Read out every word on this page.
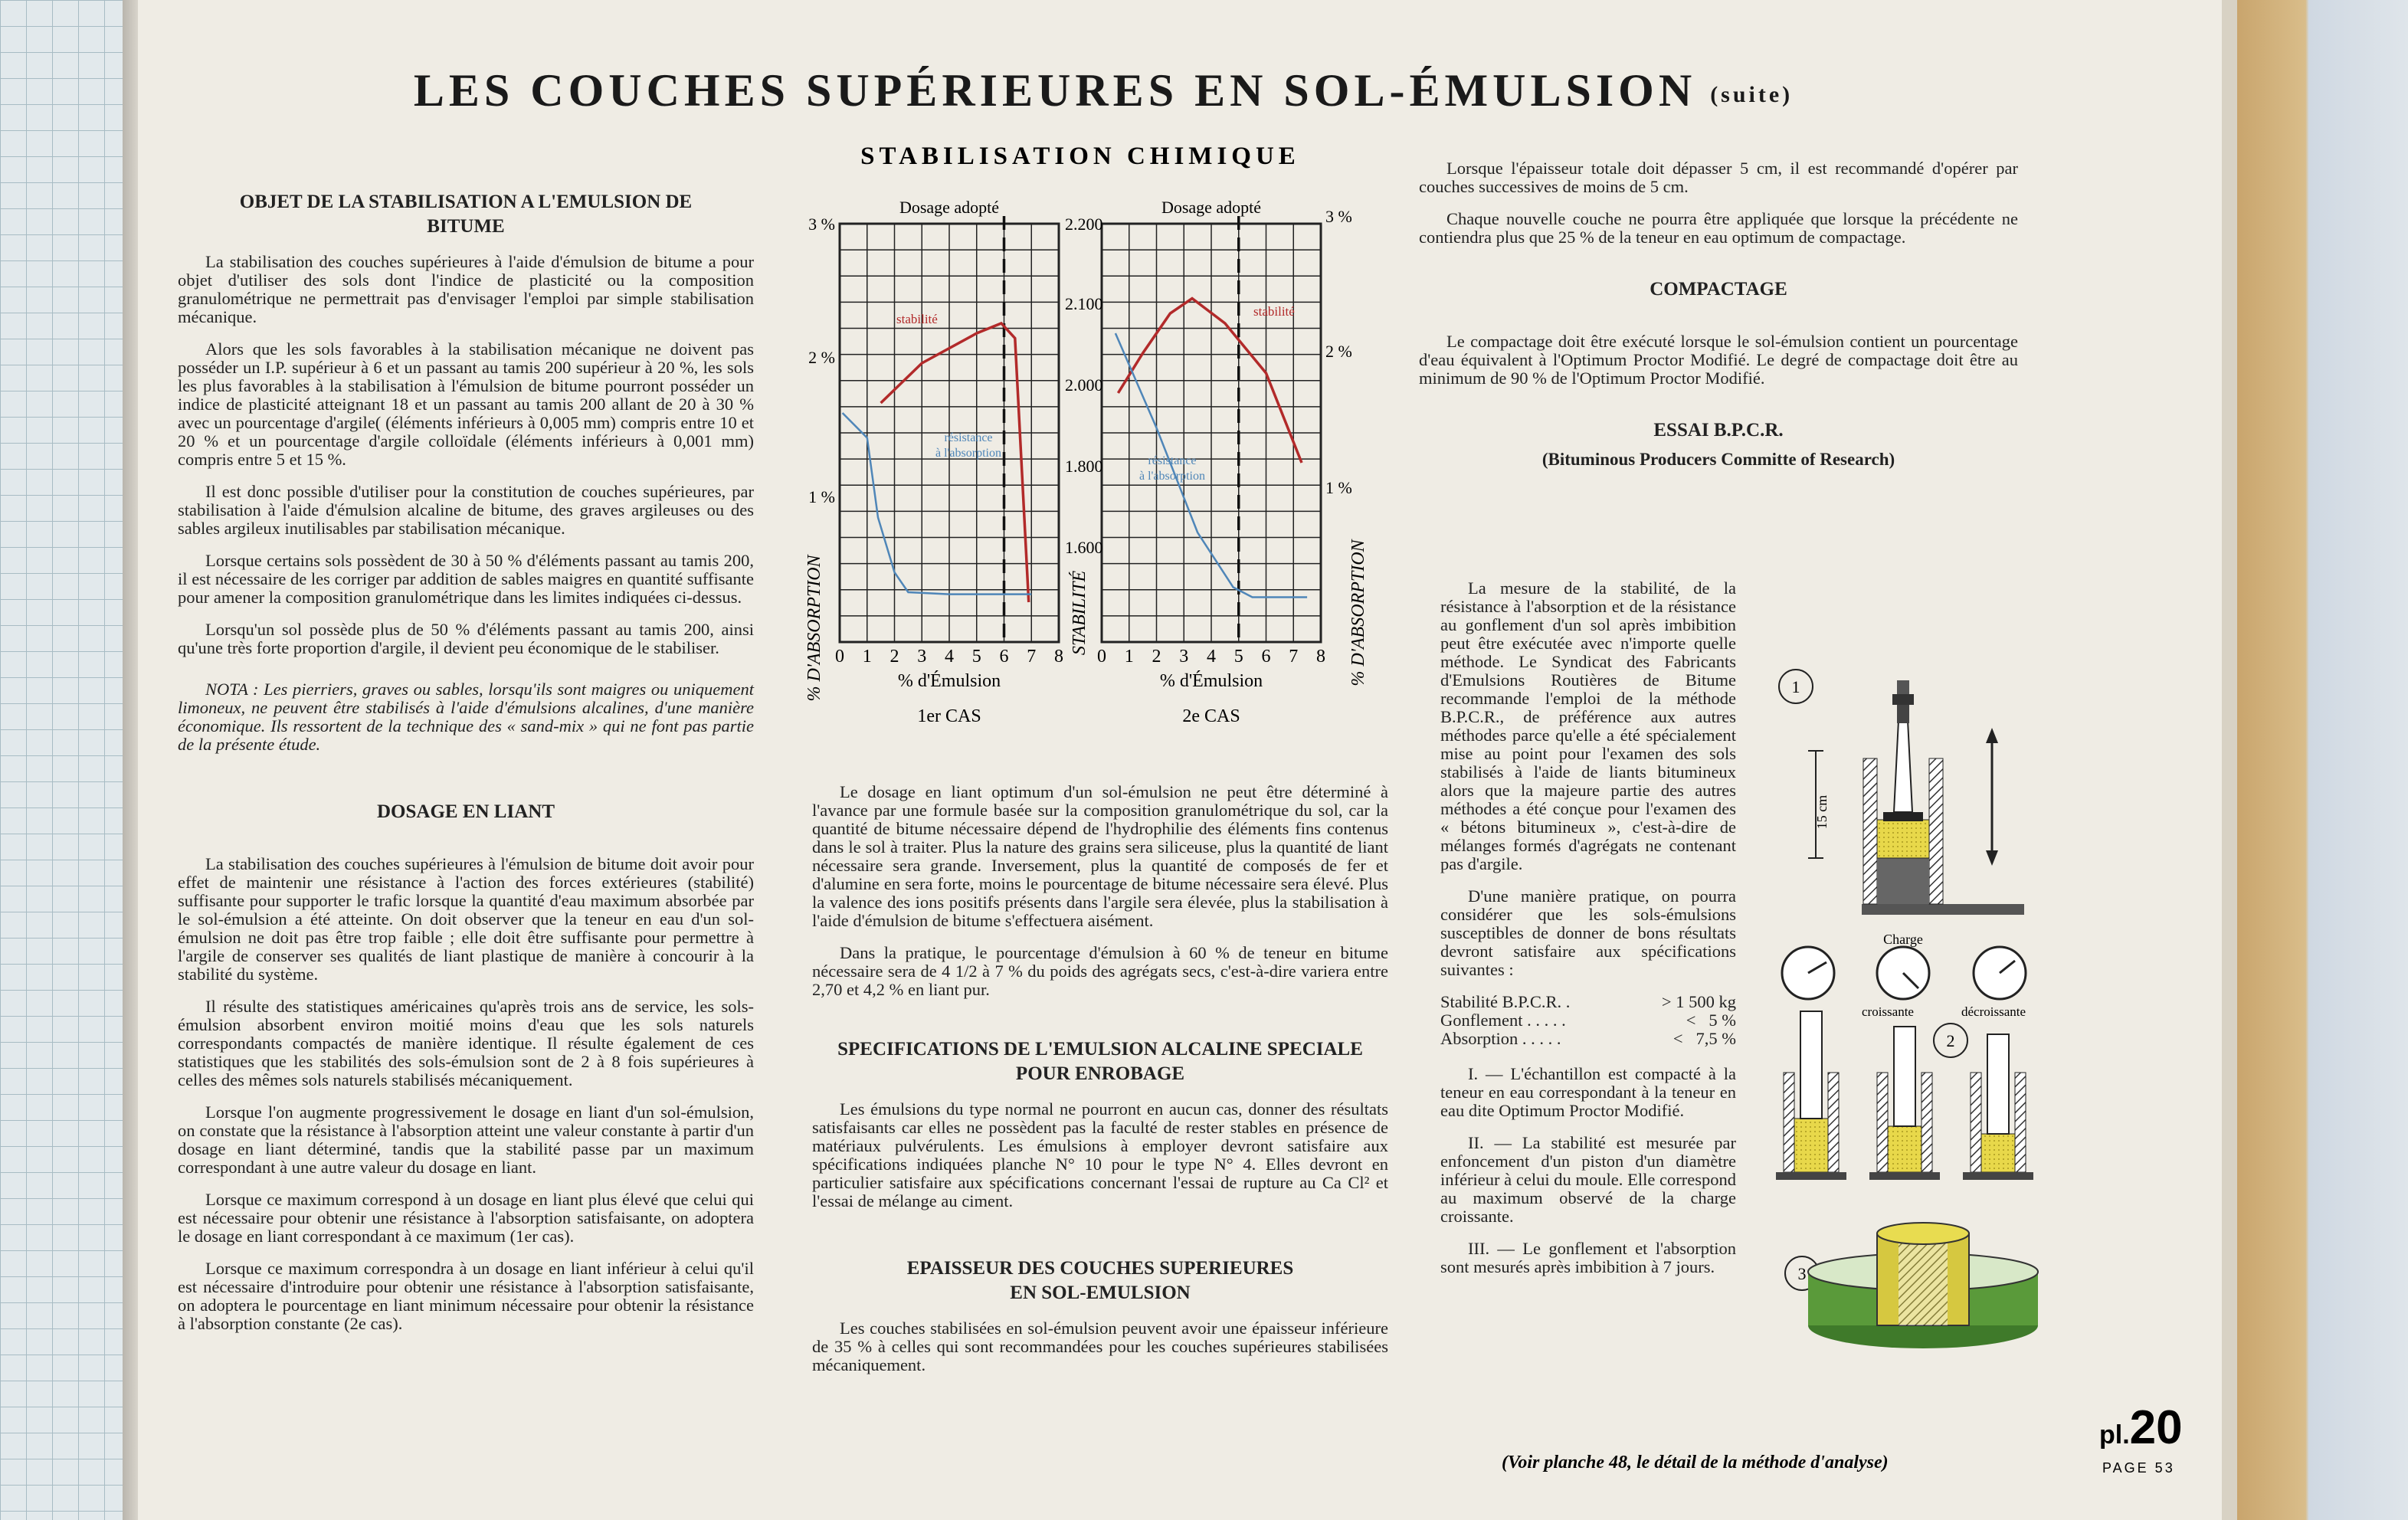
LES COUCHES SUPÉRIEURES EN SOL-ÉMULSION (suite)
STABILISATION CHIMIQUE

OBJET DE LA STABILISATION A L'EMULSION DE BITUME

La stabilisation des couches supérieures à l'aide d'émulsion de bitume a pour objet d'utiliser des sols dont l'indice de plasticité ou la composition granulométrique ne permettrait pas d'envisager l'emploi par simple stabilisation mécanique.

Alors que les sols favorables à la stabilisation mécanique ne doivent pas posséder un I.P. supérieur à 6 et un passant au tamis 200 supérieur à 20 %, les sols les plus favorables à la stabilisation à l'émulsion de bitume pourront posséder un indice de plasticité atteignant 18 et un passant au tamis 200 allant de 20 à 30 % avec un pourcentage d'argile( (éléments inférieurs à 0,005 mm) compris entre 10 et 20 % et un pourcentage d'argile colloïdale (éléments inférieurs à 0,001 mm) compris entre 5 et 15 %.

Il est donc possible d'utiliser pour la constitution de couches supérieures, par stabilisation à l'aide d'émulsion alcaline de bitume, des graves argileuses ou des sables argileux inutilisables par stabilisation mécanique.

Lorsque certains sols possèdent de 30 à 50 % d'éléments passant au tamis 200, il est nécessaire de les corriger par addition de sables maigres en quantité suffisante pour amener la composition granulométrique dans les limites indiquées ci-dessus.

Lorsqu'un sol possède plus de 50 % d'éléments passant au tamis 200, ainsi qu'une très forte proportion d'argile, il devient peu économique de le stabiliser.

NOTA : Les pierriers, graves ou sables, lorsqu'ils sont maigres ou uniquement limoneux, ne peuvent être stabilisés à l'aide d'émulsions alcalines, d'une manière économique. Ils ressortent de la technique des « sand-mix » qui ne font pas partie de la présente étude.

DOSAGE EN LIANT

La stabilisation des couches supérieures à l'émulsion de bitume doit avoir pour effet de maintenir une résistance à l'action des forces extérieures (stabilité) suffisante pour supporter le trafic lorsque la quantité d'eau maximum absorbée par le sol-émulsion a été atteinte. On doit observer que la teneur en eau d'un sol-émulsion ne doit pas être trop faible ; elle doit être suffisante pour permettre à l'argile de conserver ses qualités de liant plastique de manière à concourir à la stabilité du système.

Il résulte des statistiques américaines qu'après trois ans de service, les sols-émulsion absorbent environ moitié moins d'eau que les sols naturels correspondants compactés de manière identique. Il résulte également de ces statistiques que les stabilités des sols-émulsion sont de 2 à 8 fois supérieures à celles des mêmes sols naturels stabilisés mécaniquement.

Lorsque l'on augmente progressivement le dosage en liant d'un sol-émulsion, on constate que la résistance à l'absorption atteint une valeur constante à partir d'un dosage en liant déterminé, tandis que la stabilité passe par un maximum correspondant à une autre valeur du dosage en liant.

Lorsque ce maximum correspond à un dosage en liant plus élevé que celui qui est nécessaire pour obtenir une résistance à l'absorption satisfaisante, on adoptera le dosage en liant correspondant à ce maximum (1er cas).

Lorsque ce maximum correspondra à un dosage en liant inférieur à celui qu'il est nécessaire d'introduire pour obtenir une résistance à l'absorption satisfaisante, on adoptera le pourcentage en liant minimum nécessaire pour obtenir la résistance à l'absorption constante (2e cas).

Dosage adopté
0 1 2 3 4 5 6 7 8
% d'Émulsion
1er CAS
Dosage adopté
0 1 2 3 4 5 6 7 8
% d'Émulsion
2e CAS
stabilité
résistance
à l'absorption
stabilité
résistance
à l'absorption
3 %
2 %
1 %
2.200
2.100
2.000
1.800
1.600
3 %
2 %
1 %
% D'ABSORPTION	STABILITÉ	% D'ABSORPTION

Le dosage en liant optimum d'un sol-émulsion ne peut être déterminé à l'avance par une formule basée sur la composition granulométrique du sol, car la quantité de bitume nécessaire dépend de l'hydrophilie des éléments fins contenus dans le sol à traiter. Plus la nature des grains sera siliceuse, plus la quantité de liant nécessaire sera grande. Inversement, plus la quantité de composés de fer et d'alumine en sera forte, moins le pourcentage de bitume nécessaire sera élevé. Plus la valence des ions positifs présents dans l'argile sera élevée, plus la stabilisation à l'aide d'émulsion de bitume s'effectuera aisément.

Dans la pratique, le pourcentage d'émulsion à 60 % de teneur en bitume nécessaire sera de 4 1/2 à 7 % du poids des agrégats secs, c'est-à-dire variera entre 2,70 et 4,2 % en liant pur.

SPECIFICATIONS DE L'EMULSION ALCALINE SPECIALE POUR ENROBAGE

Les émulsions du type normal ne pourront en aucun cas, donner des résultats satisfaisants car elles ne possèdent pas la faculté de rester stables en présence de matériaux pulvérulents. Les émulsions à employer devront satisfaire aux spécifications indiquées planche N° 10 pour le type N° 4. Elles devront en particulier satisfaire aux spécifications concernant l'essai de rupture au Ca Cl² et l'essai de mélange au ciment.

EPAISSEUR DES COUCHES SUPERIEURES EN SOL-EMULSION

Les couches stabilisées en sol-émulsion peuvent avoir une épaisseur inférieure de 35 % à celles qui sont recommandées pour les couches supérieures stabilisées mécaniquement.

Lorsque l'épaisseur totale doit dépasser 5 cm, il est recommandé d'opérer par couches successives de moins de 5 cm.

Chaque nouvelle couche ne pourra être appliquée que lorsque la précédente ne contiendra plus que 25 % de la teneur en eau optimum de compactage.

COMPACTAGE

Le compactage doit être exécuté lorsque le sol-émulsion contient un pourcentage d'eau équivalent à l'Optimum Proctor Modifié. Le degré de compactage doit être au minimum de 90 % de l'Optimum Proctor Modifié.

ESSAI B.P.C.R.

(Bituminous Producers Committe of Research)

La mesure de la stabilité, de la résistance à l'absorption et de la résistance au gonflement d'un sol après imbibition peut être exécutée avec n'importe quelle méthode. Le Syndicat des Fabricants d'Emulsions Routières de Bitume recommande l'emploi de la méthode B.P.C.R., de préférence aux autres méthodes parce qu'elle a été spécialement mise au point pour l'examen des sols stabilisés à l'aide de liants bitumineux alors que la majeure partie des autres méthodes a été conçue pour l'examen des « bétons bitumineux », c'est-à-dire de mélanges formés d'agrégats ne contenant pas d'argile.

D'une manière pratique, on pourra considérer que les sols-émulsions susceptibles de donner de bons résultats devront satisfaire aux spécifications suivantes :

Stabilité B.P.C.R. .	> 1 500 kg
Gonflement . . . . .	< 5 %
Absorption . . . . .	< 7,5 %

I. — L'échantillon est compacté à la teneur en eau correspondant à la teneur en eau dite Optimum Proctor Modifié.

II. — La stabilité est mesurée par enfoncement d'un piston d'un diamètre inférieur à celui du moule. Elle correspond au maximum observé de la charge croissante.

III. — Le gonflement et l'absorption sont mesurés après imbibition à 7 jours.

1
15 cm
Charge
croissante	décroissante
2
3
(Voir planche 48, le détail de la méthode d'analyse)
pl.20
PAGE 53
